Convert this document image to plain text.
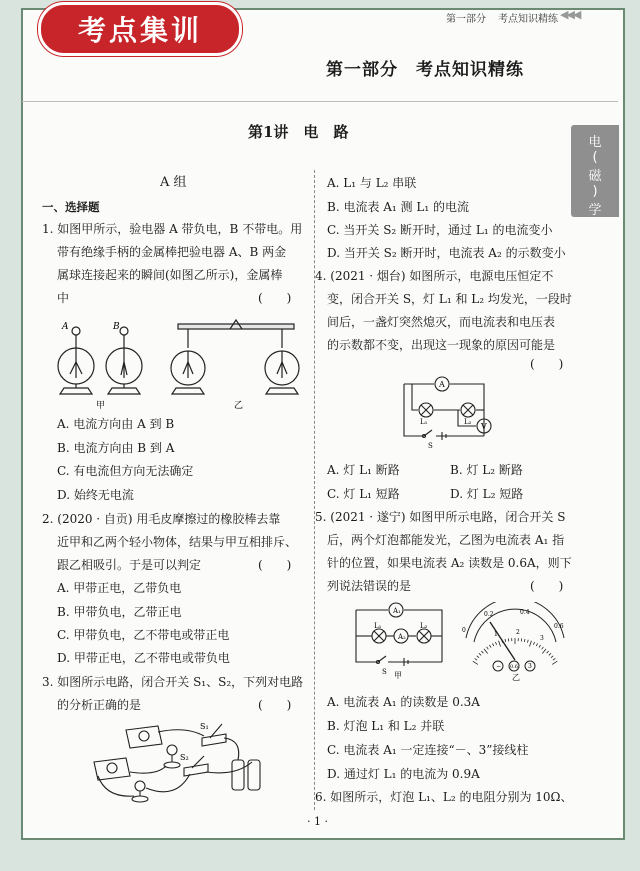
考点集训	第一部分 考点知识精练 ◀◀◀
第一部分　考点知识精练
第1讲　电　路
电
(
磁
)
学
A 组
一、选择题
1. 如图甲所示，验电器 A 带负电，B 不带电。用
带有绝缘手柄的金属棒把验电器 A、B 两金
属球连接起来的瞬间(如图乙所示)，金属棒
中	(　　)
A	B
甲	乙
A. 电流方向由 A 到 B
B. 电流方向由 B 到 A
C. 有电流但方向无法确定
D. 始终无电流
2. (2020 · 自贡) 用毛皮摩擦过的橡胶棒去靠
近甲和乙两个轻小物体，结果与甲互相排斥、
跟乙相吸引。于是可以判定	(　　)
A. 甲带正电，乙带负电
B. 甲带负电，乙带正电
C. 甲带负电，乙不带电或带正电
D. 甲带正电，乙不带电或带负电
3. 如图所示电路，闭合开关 S₁、S₂，下列对电路
的分析正确的是	(　　)
S₁
S₂
A. L₁ 与 L₂ 串联
B. 电流表 A₁ 测 L₁ 的电流
C. 当开关 S₂ 断开时，通过 L₁ 的电流变小
D. 当开关 S₂ 断开时，电流表 A₂ 的示数变小
4. (2021 · 烟台) 如图所示，电源电压恒定不
变，闭合开关 S，灯 L₁ 和 L₂ 均发光，一段时
间后，一盏灯突然熄灭，而电流表和电压表
的示数都不变，出现这一现象的原因可能是
(　　)
A
V
L₁	L₂
S
A. 灯 L₁ 断路	B. 灯 L₂ 断路
C. 灯 L₁ 短路	D. 灯 L₂ 短路
5. (2021 · 遂宁) 如图甲所示电路，闭合开关 S
后，两个灯泡都能发光，乙图为电流表 A₁ 指
针的位置，如果电流表 A₂ 读数是 0.6A，则下
列说法错误的是	(　　)
A₁
A₂
L₁	L₂
S 甲
0
0.2	0.4
0.6
1	2
3
− 0.6 3
乙
A. 电流表 A₁ 的读数是 0.3A
B. 灯泡 L₁ 和 L₂ 并联
C. 电流表 A₁ 一定连接“－、3”接线柱
D. 通过灯 L₁ 的电流为 0.9A
6. 如图所示，灯泡 L₁、L₂ 的电阻分别为 10Ω、
· 1 ·
